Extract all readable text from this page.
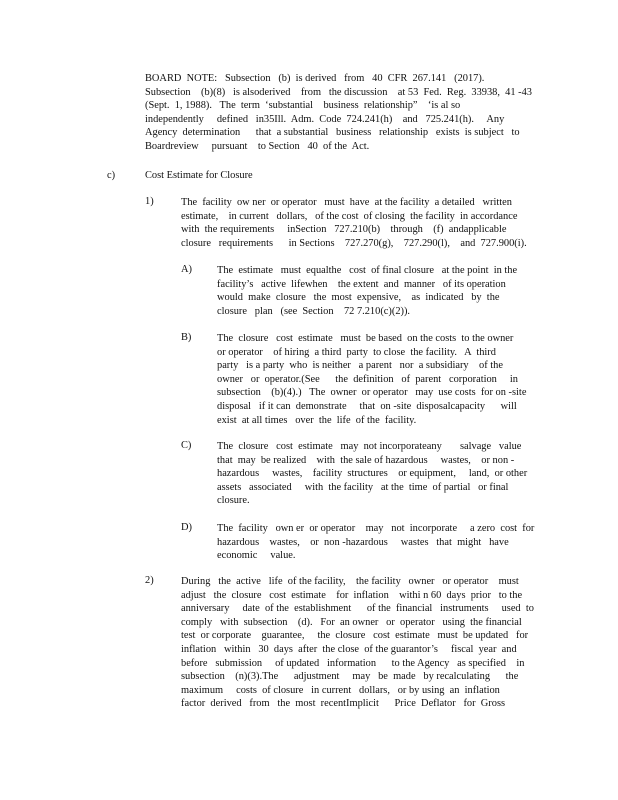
BOARD  NOTE:   Subsection   (b)  is derived   from   40  CFR  267.141   (2017).
Subsection    (b)(8)   is alsoderived    from   the discussion    at 53  Fed.  Reg.  33938,  41 -43
(Sept.  1, 1988).   The  term  ‘substantial    business  relationship”    ‘is al so
independently     defined   in35Ill.  Adm.  Code  724.241(h)    and   725.241(h).     Any
Agency  determination      that  a substantial   business   relationship   exists  is subject   to
Boardreview     pursuant    to Section   40  of the  Act.
c)	Cost Estimate for Closure
1)	The  facility  ow ner  or operator   must  have  at the facility  a detailed   written
estimate,    in current   dollars,   of the cost  of closing  the facility  in accordance
with  the requirements     inSection   727.210(b)    through    (f)  andapplicable
closure   requirements      in Sections    727.270(g),    727.290(l),    and  727.900(i).
A) The  estimate   must  equalthe   cost  of final closure   at the point  in the
facility’s   active  lifewhen    the extent  and  manner   of its operation
would  make  closure   the  most  expensive,    as  indicated   by  the
closure   plan   (see  Section    72 7.210(c)(2)).
B) The  closure   cost  estimate   must  be based  on the costs  to the owner
or operator    of hiring  a third  party  to close  the facility.   A  third
party   is a party  who  is neither   a parent   nor  a subsidiary    of the
owner   or  operator.(See      the  definition   of  parent   corporation     in
subsection    (b)(4).)   The  owner  or operator   may  use costs  for on -site
disposal   if it can  demonstrate     that  on -site  disposalcapacity      will
exist  at all times   over  the  life  of the  facility.
C) The  closure   cost  estimate   may  not incorporateany       salvage   value
that  may  be realized    with  the sale of hazardous     wastes,    or non -
hazardous     wastes,    facility  structures    or equipment,     land,  or other
assets   associated     with  the facility   at the  time  of partial   or final
closure.
D) The  facility   own er  or operator    may   not  incorporate     a zero  cost  for
hazardous    wastes,    or  non -hazardous     wastes   that  might   have
economic     value.
2)	During   the  active   life  of the facility,    the facility   owner   or operator    must
adjust   the  closure   cost  estimate    for  inflation    withi n 60  days  prior   to the
anniversary     date  of the  establishment      of the  financial   instruments     used  to
comply   with  subsection    (d).   For  an owner   or  operator   using  the financial
test  or corporate    guarantee,     the  closure   cost  estimate   must  be updated   for
inflation   within   30  days  after  the close  of the guarantor’s     fiscal  year  and
before   submission     of updated   information      to the Agency   as specified    in
subsection    (n)(3).The      adjustment     may   be  made   by recalculating      the
maximum     costs  of closure   in current   dollars,   or by using  an  inflation
factor  derived   from   the  most  recentImplicit      Price  Deflator   for  Gross
